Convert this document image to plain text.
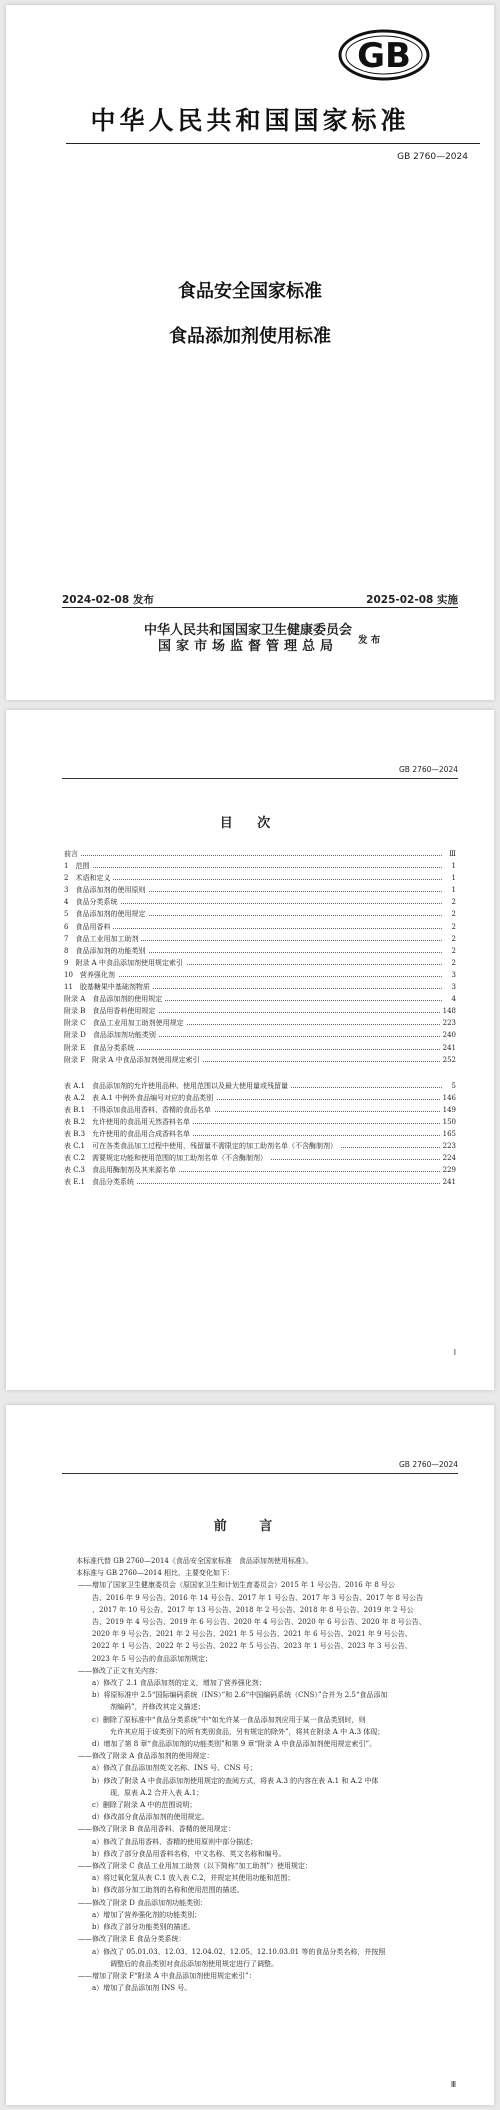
GB
中华人民共和国国家标准
GB 2760—2024
食品安全国家标准
食品添加剂使用标准
2024-02-08 发布	2025-02-08 实施
中华人民共和国国家卫生健康委员会
国家市场监督管理总局	发 布
GB 2760—2024
目 次
前言	Ⅲ
1　范围	1
2　术语和定义	1
3　食品添加剂的使用原则	1
4　食品分类系统	2
5　食品添加剂的使用规定	2
6　食品用香料	2
7　食品工业用加工助剂	2
8　食品添加剂的功能类别	2
9　附录 A 中食品添加剂使用规定索引	2
10　营养强化剂	3
11　胶基糖果中基础剂物质	3
附录 A　食品添加剂的使用规定	4
附录 B　食品用香料使用规定	148
附录 C　食品工业用加工助剂使用规定	223
附录 D　食品添加剂功能类别	240
附录 E　食品分类系统	241
附录 F　附录 A 中食品添加剂使用规定索引	252
表 A.1　食品添加剂的允许使用品种、使用范围以及最大使用量或残留量	5
表 A.2　表 A.1 中例外食品编号对应的食品类别	146
表 B.1　不得添加食品用香料、香精的食品名单	149
表 B.2　允许使用的食品用天然香料名单	150
表 B.3　允许使用的食品用合成香料名单	165
表 C.1　可在各类食品加工过程中使用，残留量不需限定的加工助剂名单（不含酶制剂）	223
表 C.2　需要规定功能和使用范围的加工助剂名单（不含酶制剂）	224
表 C.3　食品用酶制剂及其来源名单	229
表 E.1　食品分类系统	241
I
GB 2760—2024
前 言
本标准代替 GB 2760—2014《食品安全国家标准　食品添加剂使用标准》。
本标准与 GB 2760—2014 相比，主要变化如下：
——增加了国家卫生健康委员会（原国家卫生和计划生育委员会）2015 年 1 号公告、2016 年 8 号公
告、2016 年 9 号公告、2016 年 14 号公告、2017 年 1 号公告、2017 年 3 号公告、2017 年 8 号公告
、2017 年 10 号公告、2017 年 13 号公告、2018 年 2 号公告、2018 年 8 号公告、2019 年 2 号公
告、2019 年 4 号公告、2019 年 6 号公告、2020 年 4 号公告、2020 年 6 号公告、2020 年 8 号公告、
2020 年 9 号公告、2021 年 2 号公告、2021 年 5 号公告、2021 年 6 号公告、2021 年 9 号公告、
2022 年 1 号公告、2022 年 2 号公告、2022 年 5 号公告、2023 年 1 号公告、2023 年 3 号公告、
2023 年 5 号公告的食品添加剂规定；
——修改了正文有关内容：
a）修改了 2.1 食品添加剂的定义，增加了营养强化剂；
b）将原标准中 2.5“国际编码系统（INS）”和 2.6“中国编码系统（CNS）”合并为 2.5“食品添加
剂编码”，并修改其定义描述；
c）删除了原标准中“食品分类系统”中“如允许某一食品添加剂应用于某一食品类别时，则
允许其应用于该类别下的所有类别食品，另有规定的除外”，将其在附录 A 中 A.3 体现；
d）增加了第 8 章“食品添加剂的功能类别”和第 9 章“附录 A 中食品添加剂使用规定索引”。
——修改了附录 A 食品添加剂的使用规定：
a）修改了食品添加剂英文名称、INS 号、CNS 号；
b）修改了附录 A 中食品添加剂使用规定的查阅方式，将表 A.3 的内容在表 A.1 和 A.2 中体
现，原表 A.2 合并入表 A.1；
c）删除了附录 A 中的范围说明；
d）修改部分食品添加剂的使用规定。
——修改了附录 B 食品用香料、香精的使用规定：
a）修改了食品用香料、香精的使用原则中部分描述；
b）修改了部分食品用香料名称，中文名称、英文名称和编号。
——修改了附录 C 食品工业用加工助剂（以下简称“加工助剂”）使用规定：
a）将过氧化氢从表 C.1 放入表 C.2，并规定其使用功能和范围；
b）修改部分加工助剂的名称和使用范围的描述。
——修改了附录 D 食品添加剂功能类别：
a）增加了营养强化剂的功能类别；
b）修改了部分功能类别的描述。
——修改了附录 E 食品分类系统：
a）修改了 05.01.03、12.03、12.04.02、12.05、12.10.03.01 等的食品分类名称，并按照
调整后的食品类别对食品添加剂使用规定进行了调整。
——增加了附录 F“附录 A 中食品添加剂使用规定索引”：
a）增加了食品添加剂 INS 号。
Ⅲ
